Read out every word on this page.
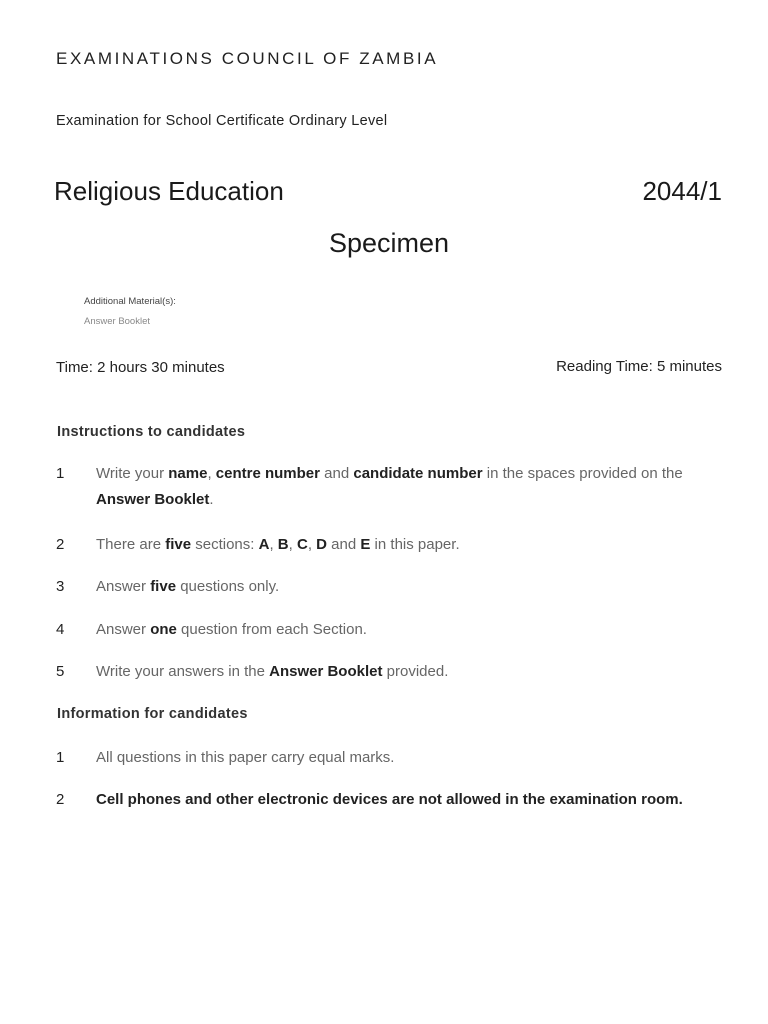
EXAMINATIONS COUNCIL OF ZAMBIA

Examination for School Certificate Ordinary Level

Religious Education	2044/1
Specimen

Additional Material(s):

Answer Booklet

Time: 2 hours 30 minutes	Reading Time: 5 minutes

Instructions to candidates
1	Write your name, centre number and candidate number in the spaces provided on the Answer Booklet.
2	There are five sections: A, B, C, D and E in this paper.
3	Answer five questions only.
4	Answer one question from each Section.
5	Write your answers in the Answer Booklet provided.
Information for candidates
1	All questions in this paper carry equal marks.
2	Cell phones and other electronic devices are not allowed in the examination room.
